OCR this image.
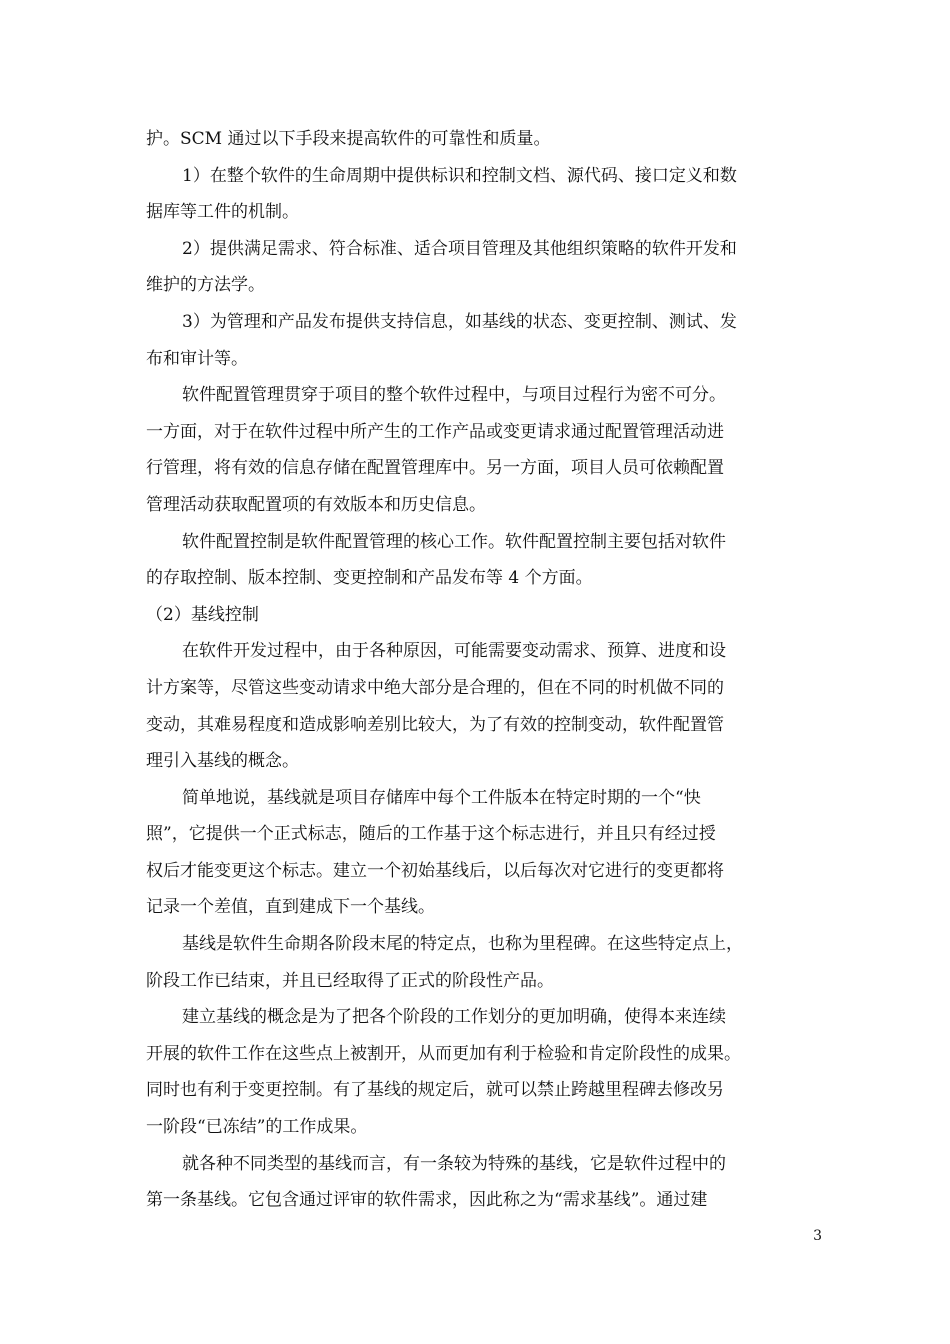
护。SCM 通过以下手段来提高软件的可靠性和质量。
1）在整个软件的生命周期中提供标识和控制文档、源代码、接口定义和数
据库等工件的机制。
2）提供满足需求、符合标准、适合项目管理及其他组织策略的软件开发和
维护的方法学。
3）为管理和产品发布提供支持信息，如基线的状态、变更控制、测试、发
布和审计等。
软件配置管理贯穿于项目的整个软件过程中，与项目过程行为密不可分。
一方面，对于在软件过程中所产生的工作产品或变更请求通过配置管理活动进
行管理，将有效的信息存储在配置管理库中。另一方面，项目人员可依赖配置
管理活动获取配置项的有效版本和历史信息。
软件配置控制是软件配置管理的核心工作。软件配置控制主要包括对软件
的存取控制、版本控制、变更控制和产品发布等 4 个方面。
（2）基线控制
在软件开发过程中，由于各种原因，可能需要变动需求、预算、进度和设
计方案等，尽管这些变动请求中绝大部分是合理的，但在不同的时机做不同的
变动，其难易程度和造成影响差别比较大，为了有效的控制变动，软件配置管
理引入基线的概念。
简单地说，基线就是项目存储库中每个工件版本在特定时期的一个“快
照”，它提供一个正式标志，随后的工作基于这个标志进行，并且只有经过授
权后才能变更这个标志。建立一个初始基线后，以后每次对它进行的变更都将
记录一个差值，直到建成下一个基线。
基线是软件生命期各阶段末尾的特定点，也称为里程碑。在这些特定点上，
阶段工作已结束，并且已经取得了正式的阶段性产品。
建立基线的概念是为了把各个阶段的工作划分的更加明确，使得本来连续
开展的软件工作在这些点上被割开，从而更加有利于检验和肯定阶段性的成果。
同时也有利于变更控制。有了基线的规定后，就可以禁止跨越里程碑去修改另
一阶段“已冻结”的工作成果。
就各种不同类型的基线而言，有一条较为特殊的基线，它是软件过程中的
第一条基线。它包含通过评审的软件需求，因此称之为“需求基线”。通过建
3
